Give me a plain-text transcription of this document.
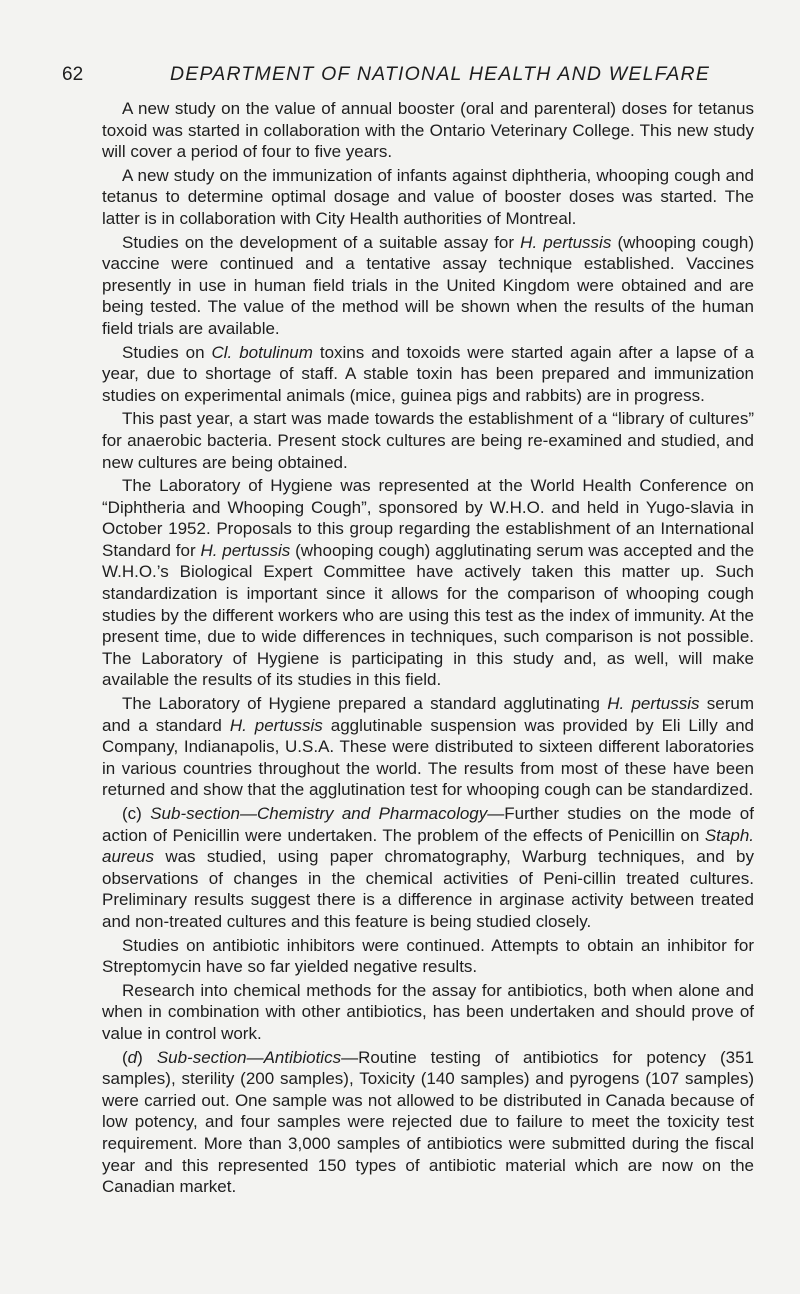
62	DEPARTMENT OF NATIONAL HEALTH AND WELFARE

A new study on the value of annual booster (oral and parenteral) doses for tetanus toxoid was started in collaboration with the Ontario Veterinary College. This new study will cover a period of four to five years.

A new study on the immunization of infants against diphtheria, whooping cough and tetanus to determine optimal dosage and value of booster doses was started. The latter is in collaboration with City Health authorities of Montreal.

Studies on the development of a suitable assay for H. pertussis (whooping cough) vaccine were continued and a tentative assay technique established. Vaccines presently in use in human field trials in the United Kingdom were obtained and are being tested. The value of the method will be shown when the results of the human field trials are available.

Studies on Cl. botulinum toxins and toxoids were started again after a lapse of a year, due to shortage of staff. A stable toxin has been prepared and immunization studies on experimental animals (mice, guinea pigs and rabbits) are in progress.

This past year, a start was made towards the establishment of a “library of cultures” for anaerobic bacteria. Present stock cultures are being re-examined and studied, and new cultures are being obtained.

The Laboratory of Hygiene was represented at the World Health Conference on “Diphtheria and Whooping Cough”, sponsored by W.H.O. and held in Yugo-slavia in October 1952. Proposals to this group regarding the establishment of an International Standard for H. pertussis (whooping cough) agglutinating serum was accepted and the W.H.O.’s Biological Expert Committee have actively taken this matter up. Such standardization is important since it allows for the comparison of whooping cough studies by the different workers who are using this test as the index of immunity. At the present time, due to wide differences in techniques, such comparison is not possible. The Laboratory of Hygiene is participating in this study and, as well, will make available the results of its studies in this field.

The Laboratory of Hygiene prepared a standard agglutinating H. pertussis serum and a standard H. pertussis agglutinable suspension was provided by Eli Lilly and Company, Indianapolis, U.S.A. These were distributed to sixteen different laboratories in various countries throughout the world. The results from most of these have been returned and show that the agglutination test for whooping cough can be standardized.

(c) Sub-section—Chemistry and Pharmacology—Further studies on the mode of action of Penicillin were undertaken. The problem of the effects of Penicillin on Staph. aureus was studied, using paper chromatography, Warburg techniques, and by observations of changes in the chemical activities of Peni-cillin treated cultures. Preliminary results suggest there is a difference in arginase activity between treated and non-treated cultures and this feature is being studied closely.

Studies on antibiotic inhibitors were continued. Attempts to obtain an inhibitor for Streptomycin have so far yielded negative results.

Research into chemical methods for the assay for antibiotics, both when alone and when in combination with other antibiotics, has been undertaken and should prove of value in control work.

(d) Sub-section—Antibiotics—Routine testing of antibiotics for potency (351 samples), sterility (200 samples), Toxicity (140 samples) and pyrogens (107 samples) were carried out. One sample was not allowed to be distributed in Canada because of low potency, and four samples were rejected due to failure to meet the toxicity test requirement. More than 3,000 samples of antibiotics were submitted during the fiscal year and this represented 150 types of antibiotic material which are now on the Canadian market.
